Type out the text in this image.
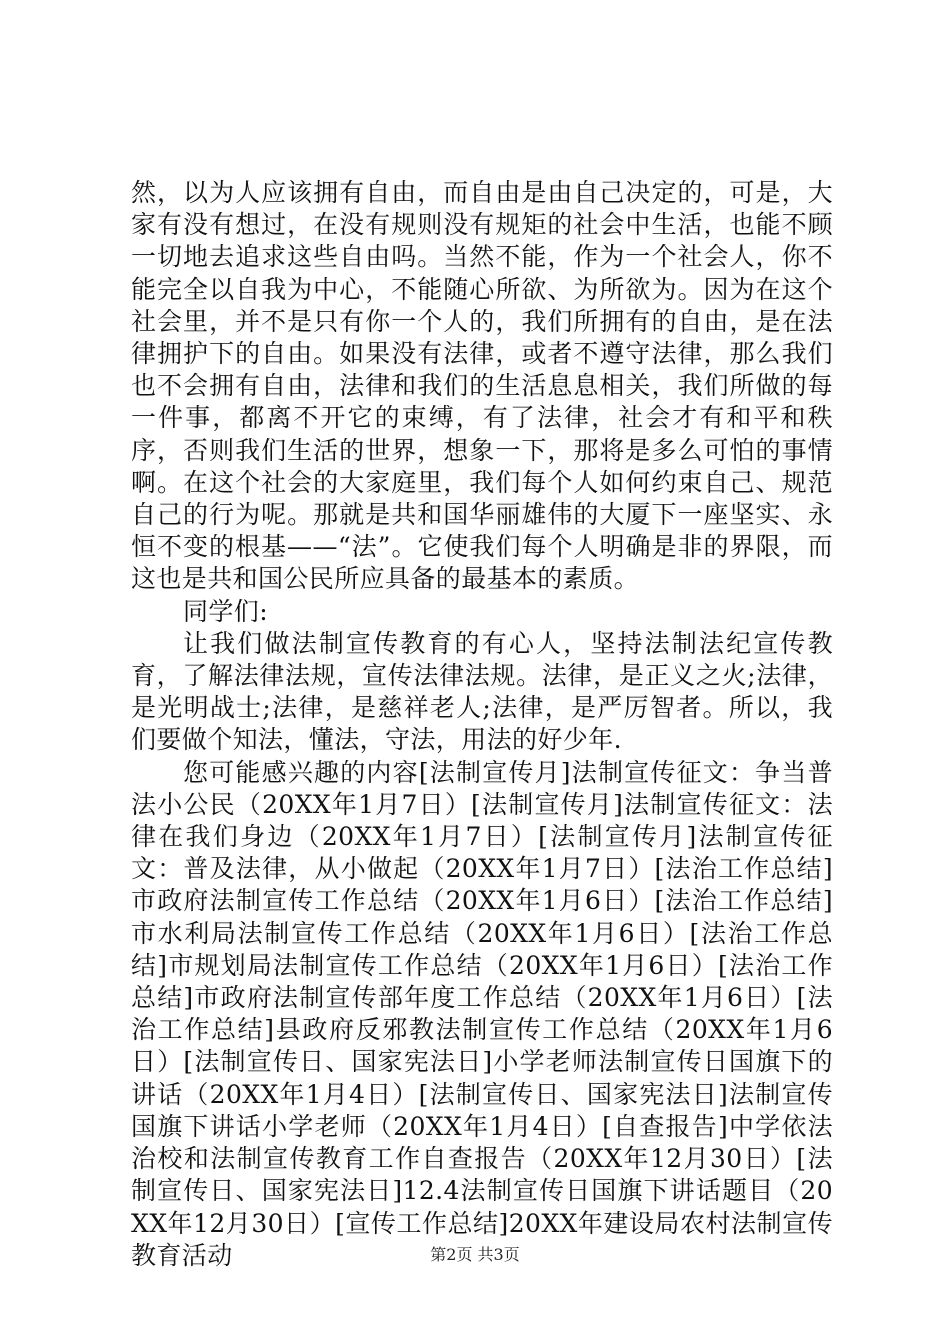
然，以为人应该拥有自由，而自由是由自己决定的，可是，大家有没有想过，在没有规则没有规矩的社会中生活，也能不顾一切地去追求这些自由吗。当然不能，作为一个社会人，你不能完全以自我为中心，不能随心所欲、为所欲为。因为在这个社会里，并不是只有你一个人的，我们所拥有的自由，是在法律拥护下的自由。如果没有法律，或者不遵守法律，那么我们也不会拥有自由，法律和我们的生活息息相关，我们所做的每一件事，都离不开它的束缚，有了法律，社会才有和平和秩序，否则我们生活的世界，想象一下，那将是多么可怕的事情啊。在这个社会的大家庭里，我们每个人如何约束自己、规范自己的行为呢。那就是共和国华丽雄伟的大厦下一座坚实、永恒不变的根基——“法”。它使我们每个人明确是非的界限，而这也是共和国公民所应具备的最基本的素质。

同学们:

让我们做法制宣传教育的有心人，坚持法制法纪宣传教育，了解法律法规，宣传法律法规。法律，是正义之火;法律，是光明战士;法律，是慈祥老人;法律，是严厉智者。所以，我们要做个知法，懂法，守法，用法的好少年.

您可能感兴趣的内容[法制宣传月]法制宣传征文：争当普法小公民（20XX年1月7日）[法制宣传月]法制宣传征文：法律在我们身边（20XX年1月7日）[法制宣传月]法制宣传征文：普及法律，从小做起（20XX年1月7日）[法治工作总结]市政府法制宣传工作总结（20XX年1月6日）[法治工作总结]市水利局法制宣传工作总结（20XX年1月6日）[法治工作总结]市规划局法制宣传工作总结（20XX年1月6日）[法治工作总结]市政府法制宣传部年度工作总结（20XX年1月6日）[法治工作总结]县政府反邪教法制宣传工作总结（20XX年1月6日）[法制宣传日、国家宪法日]小学老师法制宣传日国旗下的讲话（20XX年1月4日）[法制宣传日、国家宪法日]法制宣传国旗下讲话小学老师（20XX年1月4日）[自查报告]中学依法治校和法制宣传教育工作自查报告（20XX年12月30日）[法制宣传日、国家宪法日]12.4法制宣传日国旗下讲话题目（20XX年12月30日）[宣传工作总结]20XX年建设局农村法制宣传教育活动	第2页 共3页
